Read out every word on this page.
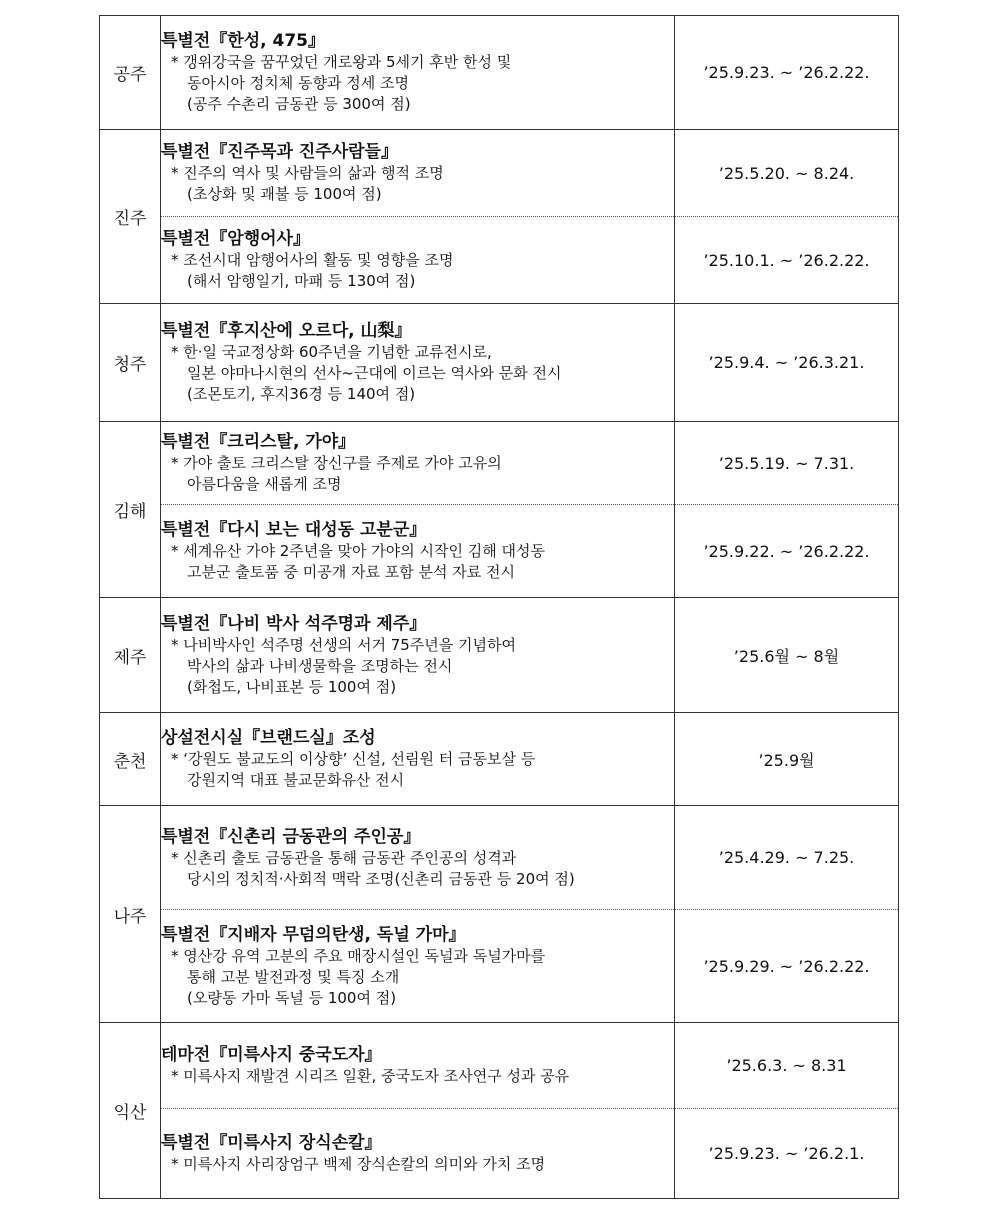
공주	특별전『한성, 475』
* 갱위강국을 꿈꾸었던 개로왕과 5세기 후반 한성 및
동아시아 정치체 동향과 정세 조명
(공주 수촌리 금동관 등 300여 점)	’25.9.23. ~ ’26.2.22.
진주	특별전『진주목과 진주사람들』
* 진주의 역사 및 사람들의 삶과 행적 조명
(초상화 및 괘불 등 100여 점)	’25.5.20. ~ 8.24.

	특별전『암행어사』
* 조선시대 암행어사의 활동 및 영향을 조명
(해서 암행일기, 마패 등 130여 점)	’25.10.1. ~ ’26.2.22.
청주	특별전『후지산에 오르다, 山梨』
* 한·일 국교정상화 60주년을 기념한 교류전시로,
일본 야마나시현의 선사~근대에 이르는 역사와 문화 전시
(조몬토기, 후지36경 등 140여 점)	’25.9.4. ~ ’26.3.21.
김해	특별전『크리스탈, 가야』
* 가야 출토 크리스탈 장신구를 주제로 가야 고유의
아름다움을 새롭게 조명	’25.5.19. ~ 7.31.

	특별전『다시 보는 대성동 고분군』
* 세계유산 가야 2주년을 맞아 가야의 시작인 김해 대성동
고분군 출토품 중 미공개 자료 포함 분석 자료 전시	’25.9.22. ~ ’26.2.22.
제주	특별전『나비 박사 석주명과 제주』
* 나비박사인 석주명 선생의 서거 75주년을 기념하여
박사의 삶과 나비생물학을 조명하는 전시
(화첩도, 나비표본 등 100여 점)	’25.6월 ~ 8월
춘천	상설전시실『브랜드실』조성
* ‘강원도 불교도의 이상향’ 신설, 선림원 터 금동보살 등
강원지역 대표 불교문화유산 전시	’25.9월
나주	특별전『신촌리 금동관의 주인공』
* 신촌리 출토 금동관을 통해 금동관 주인공의 성격과
당시의 정치적·사회적 맥락 조명(신촌리 금동관 등 20여 점)	’25.4.29. ~ 7.25.

	특별전『지배자 무덤의탄생, 독널 가마』
* 영산강 유역 고분의 주요 매장시설인 독널과 독널가마를
통해 고분 발전과정 및 특징 소개
(오량동 가마 독널 등 100여 점)	’25.9.29. ~ ’26.2.22.
익산	테마전『미륵사지 중국도자』
* 미륵사지 재발견 시리즈 일환, 중국도자 조사연구 성과 공유	’25.6.3. ~ 8.31

	특별전『미륵사지 장식손칼』
* 미륵사지 사리장엄구 백제 장식손칼의 의미와 가치 조명	’25.9.23. ~ ’26.2.1.
